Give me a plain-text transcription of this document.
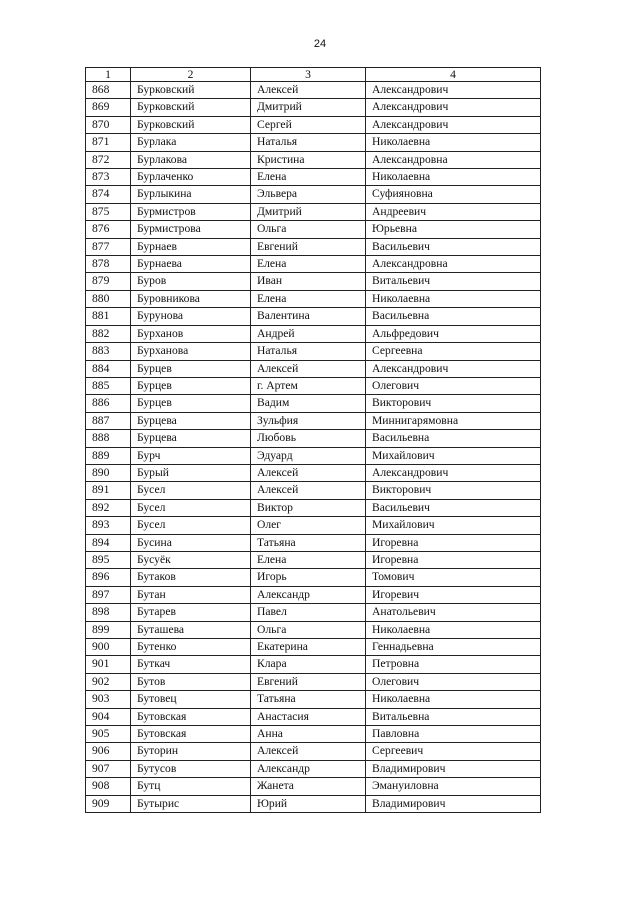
24
1	2	3	4
868	Бурковский	Алексей	Александрович
869	Бурковский	Дмитрий	Александрович
870	Бурковский	Сергей	Александрович
871	Бурлака	Наталья	Николаевна
872	Бурлакова	Кристина	Александровна
873	Бурлаченко	Елена	Николаевна
874	Бурлыкина	Эльвера	Суфияновна
875	Бурмистров	Дмитрий	Андреевич
876	Бурмистрова	Ольга	Юрьевна
877	Бурнаев	Евгений	Васильевич
878	Бурнаева	Елена	Александровна
879	Буров	Иван	Витальевич
880	Буровникова	Елена	Николаевна
881	Бурунова	Валентина	Васильевна
882	Бурханов	Андрей	Альфредович
883	Бурханова	Наталья	Сергеевна
884	Бурцев	Алексей	Александрович
885	Бурцев	г. Артем	Олегович
886	Бурцев	Вадим	Викторович
887	Бурцева	Зульфия	Миннигарямовна
888	Бурцева	Любовь	Васильевна
889	Бурч	Эдуард	Михайлович
890	Бурый	Алексей	Александрович
891	Бусел	Алексей	Викторович
892	Бусел	Виктор	Васильевич
893	Бусел	Олег	Михайлович
894	Бусина	Татьяна	Игоревна
895	Бусуёк	Елена	Игоревна
896	Бутаков	Игорь	Томович
897	Бутан	Александр	Игоревич
898	Бутарев	Павел	Анатольевич
899	Буташева	Ольга	Николаевна
900	Бутенко	Екатерина	Геннадьевна
901	Буткач	Клара	Петровна
902	Бутов	Евгений	Олегович
903	Бутовец	Татьяна	Николаевна
904	Бутовская	Анастасия	Витальевна
905	Бутовская	Анна	Павловна
906	Буторин	Алексей	Сергеевич
907	Бутусов	Александр	Владимирович
908	Бутц	Жанета	Эмануиловна
909	Бутырис	Юрий	Владимирович
